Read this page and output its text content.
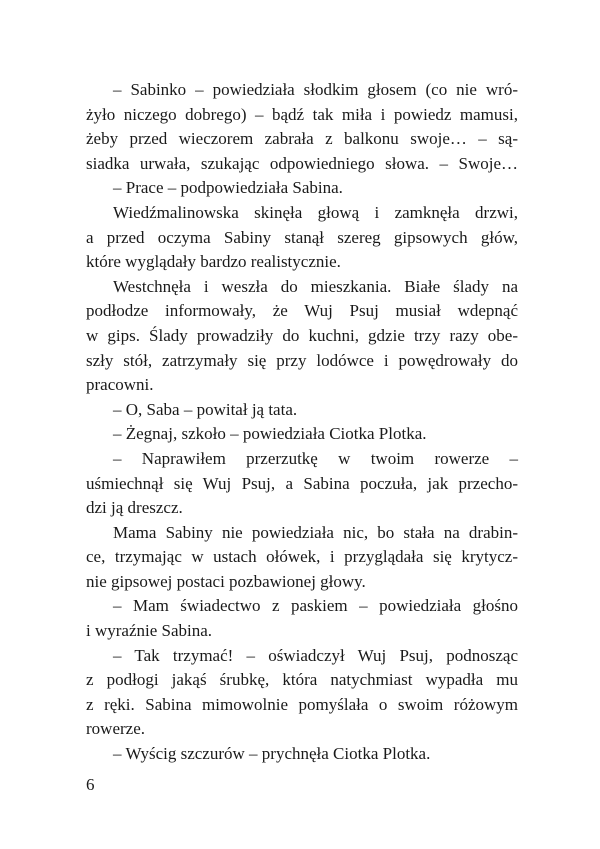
– Sabinko – powiedziała słodkim głosem (co nie wró-
żyło niczego dobrego) – bądź tak miła i powiedz mamusi,
żeby przed wieczorem zabrała z balkonu swoje… – są-
siadka urwała, szukając odpowiedniego słowa. – Swoje…
– Prace – podpowiedziała Sabina.
Wiedźmalinowska skinęła głową i zamknęła drzwi,
a przed oczyma Sabiny stanął szereg gipsowych głów,
które wyglądały bardzo realistycznie.
Westchnęła i weszła do mieszkania. Białe ślady na
podłodze informowały, że Wuj Psuj musiał wdepnąć
w gips. Ślady prowadziły do kuchni, gdzie trzy razy obe-
szły stół, zatrzymały się przy lodówce i powędrowały do
pracowni.
– O, Saba – powitał ją tata.
– Żegnaj, szkoło – powiedziała Ciotka Plotka.
– Naprawiłem przerzutkę w twoim rowerze –
uśmiechnął się Wuj Psuj, a Sabina poczuła, jak przecho-
dzi ją dreszcz.
Mama Sabiny nie powiedziała nic, bo stała na drabin-
ce, trzymając w ustach ołówek, i przyglądała się krytycz-
nie gipsowej postaci pozbawionej głowy.
– Mam świadectwo z paskiem – powiedziała głośno
i wyraźnie Sabina.
– Tak trzymać! – oświadczył Wuj Psuj, podnosząc
z podłogi jakąś śrubkę, która natychmiast wypadła mu
z ręki. Sabina mimowolnie pomyślała o swoim różowym
rowerze.
– Wyścig szczurów – prychnęła Ciotka Plotka.
6
